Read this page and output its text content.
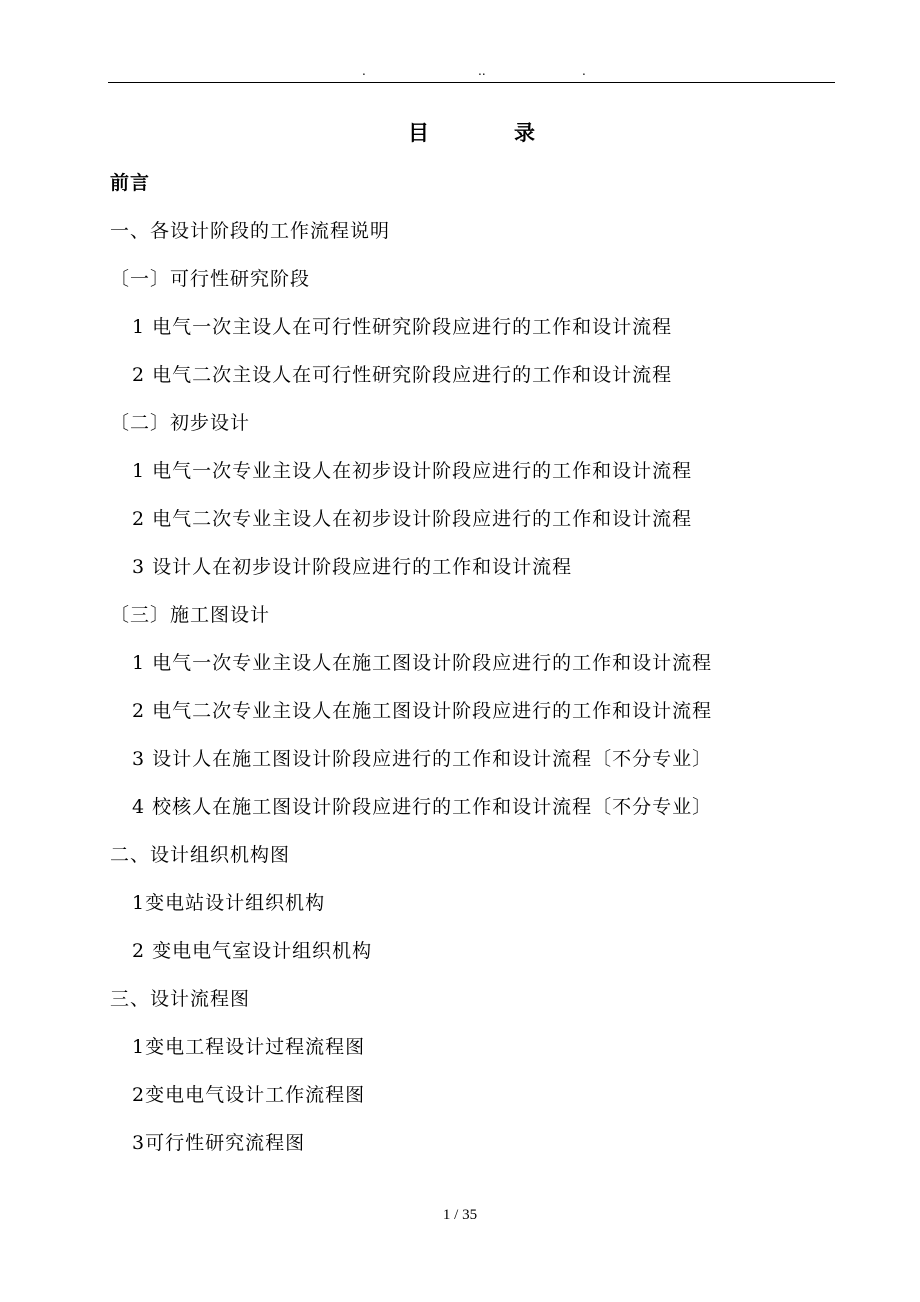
.	..	.
目	录
前言
一、各设计阶段的工作流程说明
〔一〕可行性研究阶段
1 电气一次主设人在可行性研究阶段应进行的工作和设计流程
2 电气二次主设人在可行性研究阶段应进行的工作和设计流程
〔二〕初步设计
1 电气一次专业主设人在初步设计阶段应进行的工作和设计流程
2 电气二次专业主设人在初步设计阶段应进行的工作和设计流程
3 设计人在初步设计阶段应进行的工作和设计流程
〔三〕施工图设计
1 电气一次专业主设人在施工图设计阶段应进行的工作和设计流程
2 电气二次专业主设人在施工图设计阶段应进行的工作和设计流程
3 设计人在施工图设计阶段应进行的工作和设计流程〔不分专业〕
4 校核人在施工图设计阶段应进行的工作和设计流程〔不分专业〕
二、设计组织机构图
1变电站设计组织机构
2 变电电气室设计组织机构
三、设计流程图
1变电工程设计过程流程图
2变电电气设计工作流程图
3可行性研究流程图
1 / 35
